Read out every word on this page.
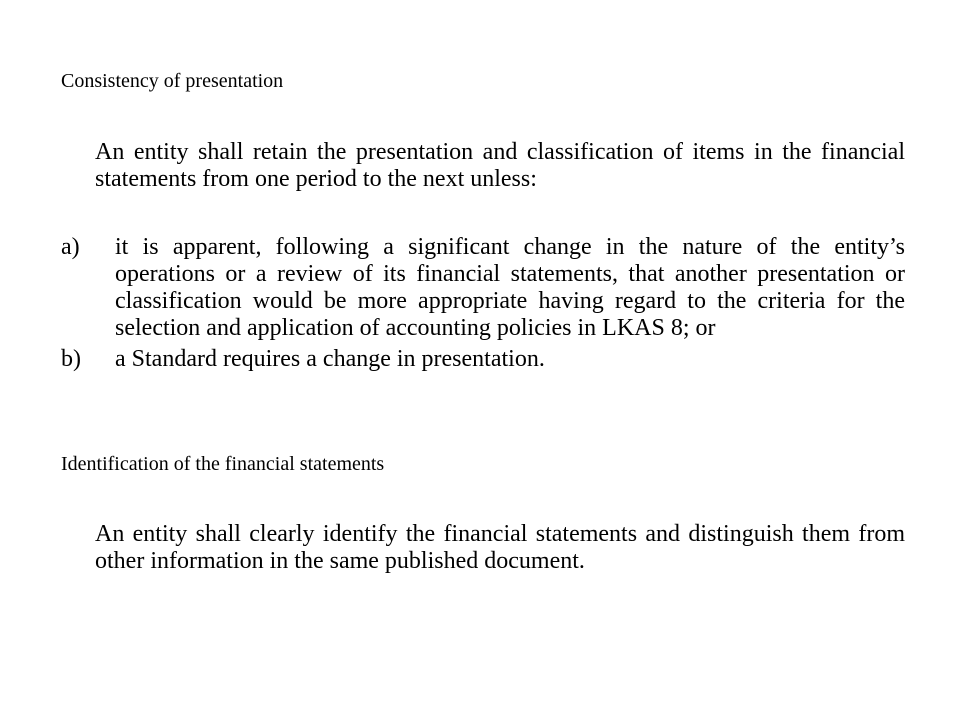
Consistency of presentation
An entity shall retain the presentation and classification of items in the financial statements from one period to the next unless:
a) it is apparent, following a significant change in the nature of the entity’s operations or a review of its financial statements, that another presentation or classification would be more appropriate having regard to the criteria for the selection and application of accounting policies in LKAS 8; or
b) a Standard requires a change in presentation.
Identification of the financial statements
An entity shall clearly identify the financial statements and distinguish them from other information in the same published document.
